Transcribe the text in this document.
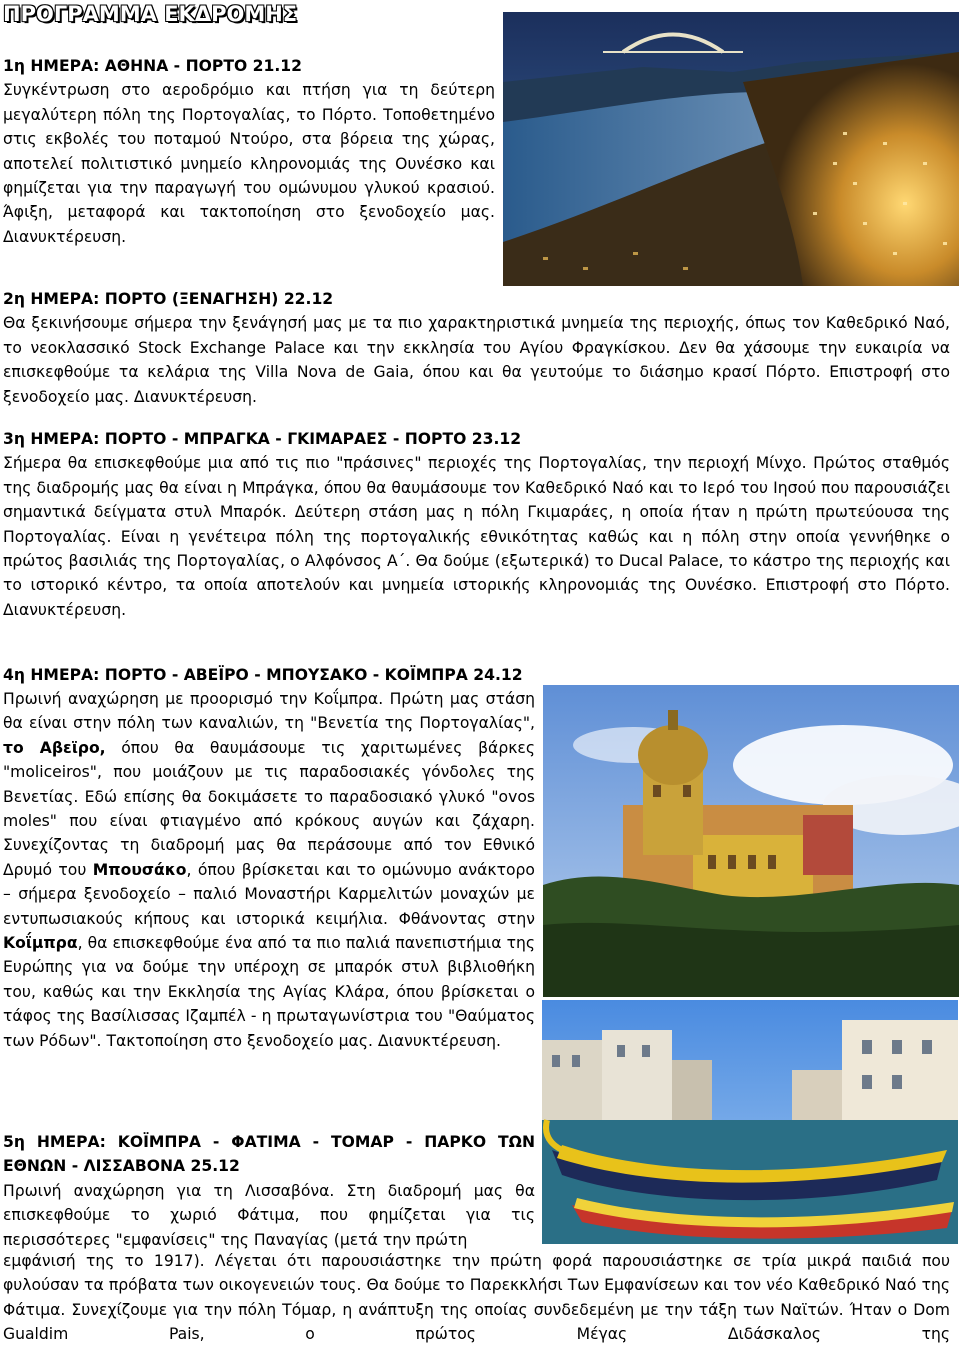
ΠΡΟΓΡΑΜΜΑ ΕΚΔΡΟΜΗΣ
1η ΗΜΕΡΑ: ΑΘΗΝΑ - ΠΟΡΤΟ 21.12
Συγκέντρωση στο αεροδρόμιο και πτήση για τη δεύτερη μεγαλύτερη πόλη της Πορτογαλίας, το Πόρτο. Τοποθετημένο στις εκβολές του ποταμού Ντούρο, στα βόρεια της χώρας, αποτελεί πολιτιστικό μνημείο κληρονομιάς της Ουνέσκο και φημίζεται για την παραγωγή του ομώνυμου γλυκού κρασιού. Άφιξη, μεταφορά και τακτοποίηση στο ξενοδοχείο μας. Διανυκτέρευση.
2η ΗΜΕΡΑ: ΠΟΡΤΟ (ΞΕΝΑΓΗΣΗ) 22.12
Θα ξεκινήσουμε σήμερα την ξενάγησή μας με τα πιο χαρακτηριστικά μνημεία της περιοχής, όπως τον Καθεδρικό Ναό, το νεοκλασσικό Stock Exchange Palace και την εκκλησία του Αγίου Φραγκίσκου. Δεν θα χάσουμε την ευκαιρία να επισκεφθούμε τα κελάρια της Villa Nova de Gaia, όπου και θα γευτούμε το διάσημο κρασί Πόρτο. Επιστροφή στο ξενοδοχείο μας. Διανυκτέρευση.
3η ΗΜΕΡΑ: ΠΟΡΤΟ - ΜΠΡΑΓΚΑ - ΓΚΙΜΑΡΑΕΣ - ΠΟΡΤΟ 23.12
Σήμερα θα επισκεφθούμε μια από τις πιο "πράσινες" περιοχές της Πορτογαλίας, την περιοχή Μίνχο. Πρώτος σταθμός της διαδρομής μας θα είναι η Μπράγκα, όπου θα θαυμάσουμε τον Καθεδρικό Ναό και το Ιερό του Ιησού που παρουσιάζει σημαντικά δείγματα στυλ Μπαρόκ. Δεύτερη στάση μας η πόλη Γκιμαράες, η οποία ήταν η πρώτη πρωτεύουσα της Πορτογαλίας. Είναι η γενέτειρα πόλη της πορτογαλικής εθνικότητας καθώς και η πόλη στην οποία γεννήθηκε ο πρώτος βασιλιάς της Πορτογαλίας, ο Αλφόνσος Α΄. Θα δούμε (εξωτερικά) το Ducal Palace, το κάστρο της περιοχής και το ιστορικό κέντρο, τα οποία αποτελούν και μνημεία ιστορικής κληρονομιάς της Ουνέσκο. Επιστροφή στο Πόρτο. Διανυκτέρευση.
4η ΗΜΕΡΑ: ΠΟΡΤΟ - ΑΒΕΪΡΟ - ΜΠΟΥΣΑΚΟ - ΚΟΪΜΠΡΑ 24.12
Πρωινή αναχώρηση με προορισμό την Κοΐμπρα. Πρώτη μας στάση θα είναι στην πόλη των καναλιών, τη "Βενετία της Πορτογαλίας", το Αβεϊρο, όπου θα θαυμάσουμε τις χαριτωμένες βάρκες "moliceiros", που μοιάζουν με τις παραδοσιακές γόνδολες της Βενετίας. Εδώ επίσης θα δοκιμάσετε το παραδοσιακό γλυκό "ovos moles" που είναι φτιαγμένο από κρόκους αυγών και ζάχαρη. Συνεχίζοντας τη διαδρομή μας θα περάσουμε από τον Εθνικό Δρυμό του Μπουσάκο, όπου βρίσκεται και το ομώνυμο ανάκτορο – σήμερα ξενοδοχείο – παλιό Μοναστήρι Καρμελιτών μοναχών με εντυπωσιακούς κήπους και ιστορικά κειμήλια. Φθάνοντας στην Κοΐμπρα, θα επισκεφθούμε ένα από τα πιο παλιά πανεπιστήμια της Ευρώπης για να δούμε την υπέροχη σε μπαρόκ στυλ βιβλιοθήκη του, καθώς και την Εκκλησία της Αγίας Κλάρα, όπου βρίσκεται ο τάφος της Βασίλισσας Ιζαμπέλ - η πρωταγωνίστρια του "Θαύματος των Ρόδων". Τακτοποίηση στο ξενοδοχείο μας. Διανυκτέρευση.
5η ΗΜΕΡΑ: ΚΟΪΜΠΡΑ - ΦΑΤΙΜΑ - ΤΟΜΑΡ - ΠΑΡΚΟ ΤΩΝ
ΕΘΝΩΝ - ΛΙΣΣΑΒΟΝΑ 25.12
Πρωινή αναχώρηση για τη Λισσαβόνα. Στη διαδρομή μας θα επισκεφθούμε το χωριό Φάτιμα, που φημίζεται για τις περισσότερες "εμφανίσεις" της Παναγίας (μετά την πρώτη
εμφάνισή της το 1917). Λέγεται ότι παρουσιάστηκε την πρώτη φορά παρουσιάστηκε σε τρία μικρά παιδιά που φυλούσαν τα πρόβατα των οικογενειών τους. Θα δούμε το Παρεκκλήσι Των Εμφανίσεων και τον νέο Καθεδρικό Ναό της Φάτιμα. Συνεχίζουμε για την πόλη Τόμαρ, η ανάπτυξη της οποίας συνδεδεμένη με την τάξη των Ναϊτών. Ήταν ο Dom Gualdim Pais, ο πρώτος Μέγας Διδάσκαλος της
